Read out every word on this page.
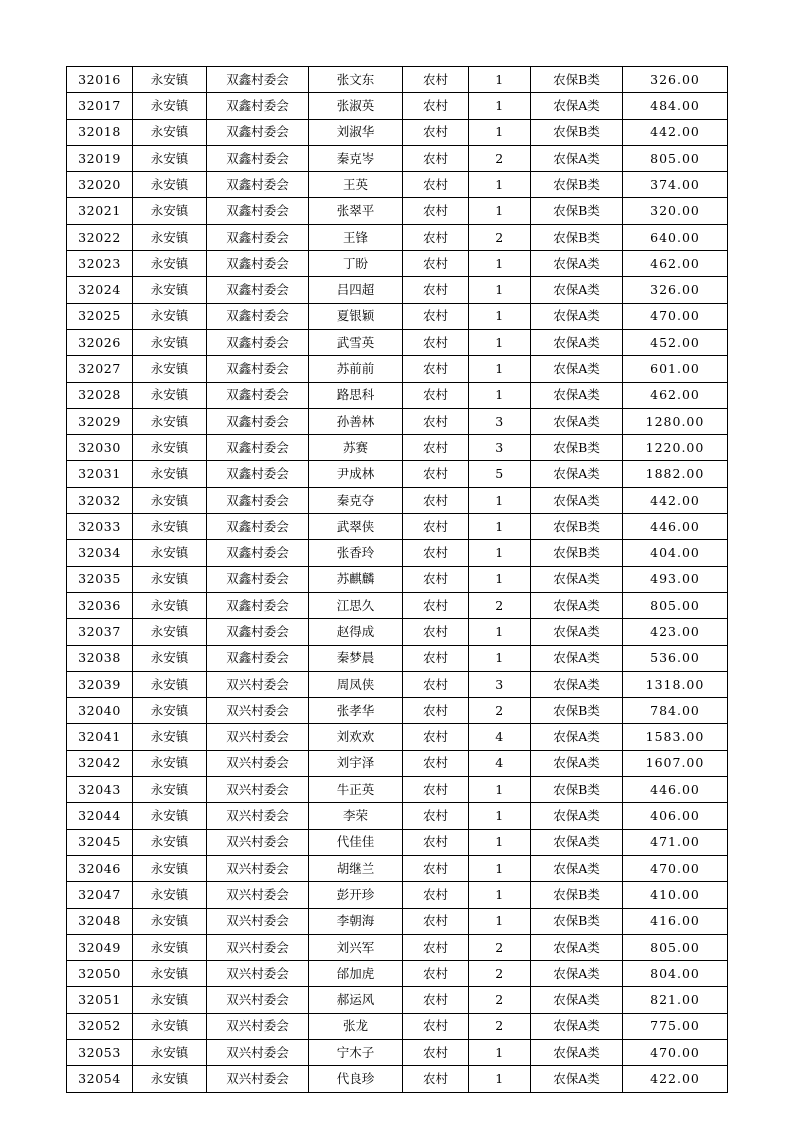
32016	永安镇	双鑫村委会	张文东	农村	1	农保B类	326.00
32017	永安镇	双鑫村委会	张淑英	农村	1	农保A类	484.00
32018	永安镇	双鑫村委会	刘淑华	农村	1	农保B类	442.00
32019	永安镇	双鑫村委会	秦克岑	农村	2	农保A类	805.00
32020	永安镇	双鑫村委会	王英	农村	1	农保B类	374.00
32021	永安镇	双鑫村委会	张翠平	农村	1	农保B类	320.00
32022	永安镇	双鑫村委会	王锋	农村	2	农保B类	640.00
32023	永安镇	双鑫村委会	丁盼	农村	1	农保A类	462.00
32024	永安镇	双鑫村委会	吕四超	农村	1	农保A类	326.00
32025	永安镇	双鑫村委会	夏银颖	农村	1	农保A类	470.00
32026	永安镇	双鑫村委会	武雪英	农村	1	农保A类	452.00
32027	永安镇	双鑫村委会	苏前前	农村	1	农保A类	601.00
32028	永安镇	双鑫村委会	路思科	农村	1	农保A类	462.00
32029	永安镇	双鑫村委会	孙善林	农村	3	农保A类	1280.00
32030	永安镇	双鑫村委会	苏赛	农村	3	农保B类	1220.00
32031	永安镇	双鑫村委会	尹成林	农村	5	农保A类	1882.00
32032	永安镇	双鑫村委会	秦克夺	农村	1	农保A类	442.00
32033	永安镇	双鑫村委会	武翠侠	农村	1	农保B类	446.00
32034	永安镇	双鑫村委会	张香玲	农村	1	农保B类	404.00
32035	永安镇	双鑫村委会	苏麒麟	农村	1	农保A类	493.00
32036	永安镇	双鑫村委会	江思久	农村	2	农保A类	805.00
32037	永安镇	双鑫村委会	赵得成	农村	1	农保A类	423.00
32038	永安镇	双鑫村委会	秦梦晨	农村	1	农保A类	536.00
32039	永安镇	双兴村委会	周凤侠	农村	3	农保A类	1318.00
32040	永安镇	双兴村委会	张孝华	农村	2	农保B类	784.00
32041	永安镇	双兴村委会	刘欢欢	农村	4	农保A类	1583.00
32042	永安镇	双兴村委会	刘宇泽	农村	4	农保A类	1607.00
32043	永安镇	双兴村委会	牛正英	农村	1	农保B类	446.00
32044	永安镇	双兴村委会	李荣	农村	1	农保A类	406.00
32045	永安镇	双兴村委会	代佳佳	农村	1	农保A类	471.00
32046	永安镇	双兴村委会	胡继兰	农村	1	农保A类	470.00
32047	永安镇	双兴村委会	彭开珍	农村	1	农保B类	410.00
32048	永安镇	双兴村委会	李朝海	农村	1	农保B类	416.00
32049	永安镇	双兴村委会	刘兴军	农村	2	农保A类	805.00
32050	永安镇	双兴村委会	邰加虎	农村	2	农保A类	804.00
32051	永安镇	双兴村委会	郝运风	农村	2	农保A类	821.00
32052	永安镇	双兴村委会	张龙	农村	2	农保A类	775.00
32053	永安镇	双兴村委会	宁木子	农村	1	农保A类	470.00
32054	永安镇	双兴村委会	代良珍	农村	1	农保A类	422.00
